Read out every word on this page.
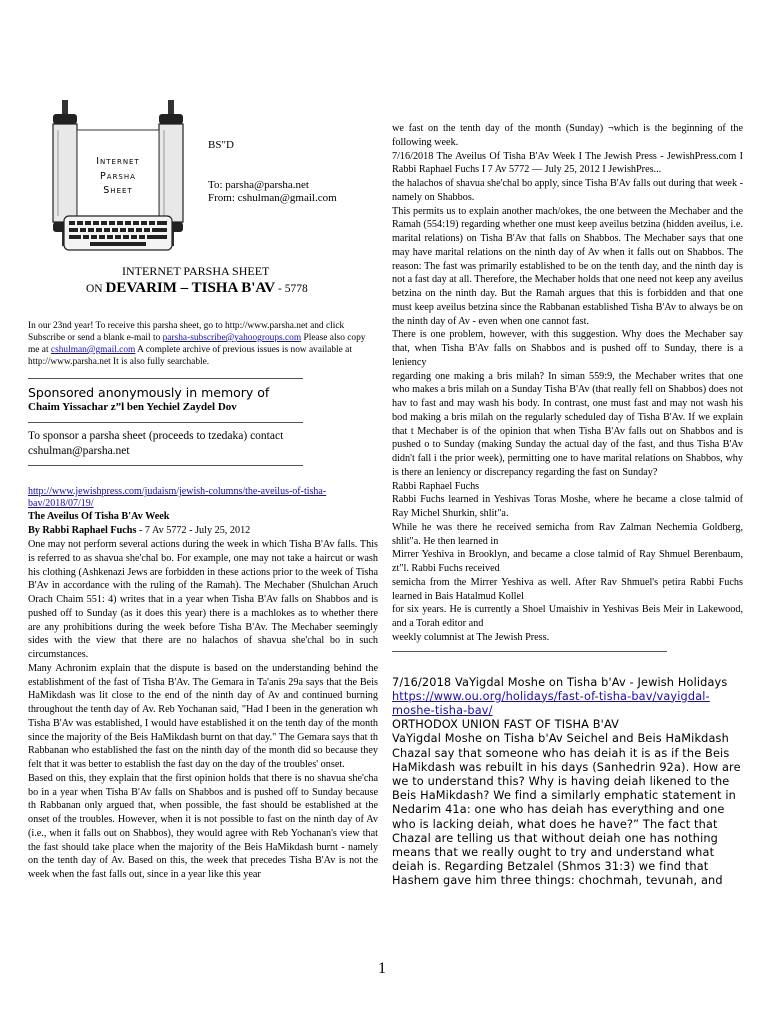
Internet
Parsha
Sheet
BS"D
To: parsha@parsha.net
From: cshulman@gmail.com
INTERNET PARSHA SHEET
ON DEVARIM – TISHA B'AV - 5778
In our 23nd year! To receive this parsha sheet, go to http://www.parsha.net and click Subscribe or send a blank e-mail to parsha-subscribe@yahoogroups.com Please also copy me at cshulman@gmail.com A complete archive of previous issues is now available at http://www.parsha.net It is also fully searchable.
Sponsored anonymously in memory of
Chaim Yissachar z”l ben Yechiel Zaydel Dov
To sponsor a parsha sheet (proceeds to tzedaka) contact
cshulman@parsha.net
http://www.jewishpress.com/judaism/jewish-columns/the-aveilus-of-tisha-bav/2018/07/19/
The Aveilus Of Tisha B'Av Week
By Rabbi Raphael Fuchs - 7 Av 5772 - July 25, 2012

One may not perform several actions during the week in which Tisha B'Av falls. This is referred to as shavua she'chal bo. For example, one may not take a haircut or wash his clothing (Ashkenazi Jews are forbidden in these actions prior to the week of Tisha B'Av in accordance with the ruling of the Ramah). The Mechaber (Shulchan Aruch Orach Chaim 551: 4) writes that in a year when Tisha B'Av falls on Shabbos and is pushed off to Sunday (as it does this year) there is a machlokes as to whether there are any prohibitions during the week before Tisha B'Av. The Mechaber seemingly sides with the view that there are no halachos of shavua she'chal bo in such circumstances.

Many Achronim explain that the dispute is based on the understanding behind the establishment of the fast of Tisha B'Av. The Gemara in Ta'anis 29a says that the Beis HaMikdash was lit close to the end of the ninth day of Av and continued burning throughout the tenth day of Av. Reb Yochanan said, "Had I been in the generation wh Tisha B'Av was established, I would have established it on the tenth day of the month since the majority of the Beis HaMikdash burnt on that day." The Gemara says that th Rabbanan who established the fast on the ninth day of the month did so because they felt that it was better to establish the fast day on the day of the troubles' onset.

Based on this, they explain that the first opinion holds that there is no shavua she'cha bo in a year when Tisha B'Av falls on Shabbos and is pushed off to Sunday because th Rabbanan only argued that, when possible, the fast should be established at the onset of the troubles. However, when it is not possible to fast on the ninth day of Av (i.e., when it falls out on Shabbos), they would agree with Reb Yochanan's view that the fast should take place when the majority of the Beis HaMikdash burnt - namely on the tenth day of Av. Based on this, the week that precedes Tisha B'Av is not the week when the fast falls out, since in a year like this year

we fast on the tenth day of the month (Sunday) ¬which is the beginning of the following week.

7/16/2018 The Aveilus Of Tisha B'Av Week I The Jewish Press - JewishPress.com I Rabbi Raphael Fuchs I 7 Av 5772 — July 25, 2012 I JewishPres...

the halachos of shavua she'chal bo apply, since Tisha B'Av falls out during that week -namely on Shabbos.

This permits us to explain another mach/okes, the one between the Mechaber and the Ramah (554:19) regarding whether one must keep aveilus betzina (hidden aveilus, i.e. marital relations) on Tisha B'Av that falls on Shabbos. The Mechaber says that one may have marital relations on the ninth day of Av when it falls out on Shabbos. The reason: The fast was primarily established to be on the tenth day, and the ninth day is not a fast day at all. Therefore, the Mechaber holds that one need not keep any aveilus betzina on the ninth day. But the Ramah argues that this is forbidden and that one must keep aveilus betzina since the Rabbanan established Tisha B'Av to always be on the ninth day of Av - even when one cannot fast.

There is one problem, however, with this suggestion. Why does the Mechaber say that, when Tisha B'Av falls on Shabbos and is pushed off to Sunday, there is a leniency

regarding one making a bris milah? In siman 559:9, the Mechaber writes that one who makes a bris milah on a Sunday Tisha B'Av (that really fell on Shabbos) does not hav to fast and may wash his body. In contrast, one must fast and may not wash his bod making a bris milah on the regularly scheduled day of Tisha B'Av. If we explain that t Mechaber is of the opinion that when Tisha B'Av falls out on Shabbos and is pushed o to Sunday (making Sunday the actual day of the fast, and thus Tisha B'Av didn't fall i the prior week), permitting one to have marital relations on Shabbos, why is there an leniency or discrepancy regarding the fast on Sunday?

Rabbi Raphael Fuchs

Rabbi Fuchs learned in Yeshivas Toras Moshe, where he became a close talmid of Ray Michel Shurkin, shlit"a.

While he was there he received semicha from Rav Zalman Nechemia Goldberg, shlit"a. He then learned in

Mirrer Yeshiva in Brooklyn, and became a close talmid of Ray Shmuel Berenbaum, zt"l. Rabbi Fuchs received

semicha from the Mirrer Yeshiva as well. After Rav Shmuel's petira Rabbi Fuchs learned in Bais Hatalmud Kollel

for six years. He is currently a Shoel Umaishiv in Yeshivas Beis Meir in Lakewood, and a Torah editor and

weekly columnist at The Jewish Press.

7/16/2018 VaYigdal Moshe on Tisha b'Av - Jewish Holidays
https://www.ou.org/holidays/fast-of-tisha-bav/vayigdal-moshe-tisha-bav/
ORTHODOX UNION FAST OF TISHA B'AV
VaYigdal Moshe on Tisha b'Av Seichel and Beis HaMikdash Chazal say that someone who has deiah it is as if the Beis HaMikdash was rebuilt in his days (Sanhedrin 92a). How are we to understand this? Why is having deiah likened to the Beis HaMikdash? We find a similarly emphatic statement in Nedarim 41a: one who has deiah has everything and one who is lacking deiah, what does he have?” The fact that Chazal are telling us that without deiah one has nothing means that we really ought to try and understand what deiah is. Regarding Betzalel (Shmos 31:3) we find that Hashem gave him three things: chochmah, tevunah, and
1
